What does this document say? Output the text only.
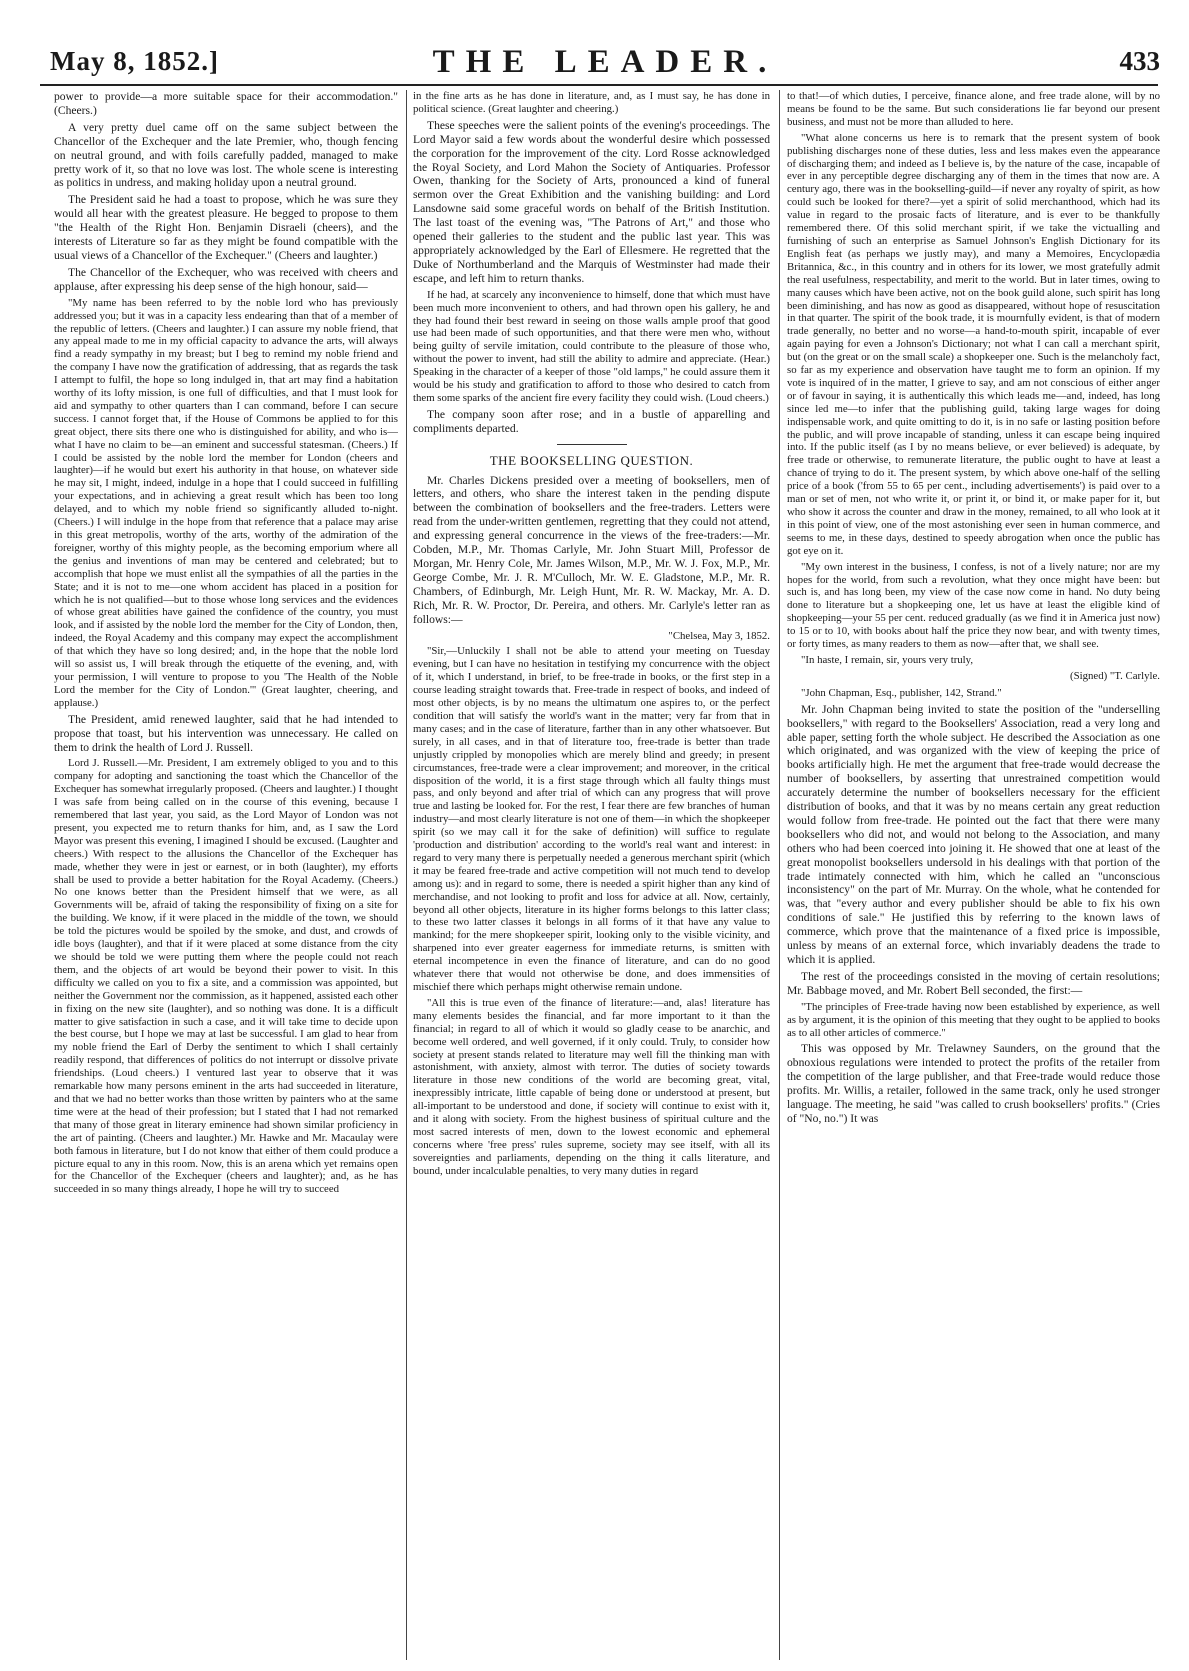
May 8, 1852.]	THE LEADER.	433

power to provide—a more suitable space for their accommodation." (Cheers.)

A very pretty duel came off on the same subject between the Chancellor of the Exchequer and the late Premier, who, though fencing on neutral ground, and with foils carefully padded, managed to make pretty work of it, so that no love was lost. The whole scene is interesting as politics in undress, and making holiday upon a neutral ground.

The President said he had a toast to propose, which he was sure they would all hear with the greatest pleasure. He begged to propose to them "the Health of the Right Hon. Benjamin Disraeli (cheers), and the interests of Literature so far as they might be found compatible with the usual views of a Chancellor of the Exchequer." (Cheers and laughter.)

The Chancellor of the Exchequer, who was received with cheers and applause, after expressing his deep sense of the high honour, said—

"My name has been referred to by the noble lord who has previously addressed you; but it was in a capacity less endearing than that of a member of the republic of letters. (Cheers and laughter.) I can assure my noble friend, that any appeal made to me in my official capacity to advance the arts, will always find a ready sympathy in my breast; but I beg to remind my noble friend and the company I have now the gratification of addressing, that as regards the task I attempt to fulfil, the hope so long indulged in, that art may find a habitation worthy of its lofty mission, is one full of difficulties, and that I must look for aid and sympathy to other quarters than I can command, before I can secure success. I cannot forget that, if the House of Commons be applied to for this great object, there sits there one who is distinguished for ability, and who is—what I have no claim to be—an eminent and successful statesman. (Cheers.) If I could be assisted by the noble lord the member for London (cheers and laughter)—if he would but exert his authority in that house, on whatever side he may sit, I might, indeed, indulge in a hope that I could succeed in fulfilling your expectations, and in achieving a great result which has been too long delayed, and to which my noble friend so significantly alluded to-night. (Cheers.) I will indulge in the hope from that reference that a palace may arise in this great metropolis, worthy of the arts, worthy of the admiration of the foreigner, worthy of this mighty people, as the becoming emporium where all the genius and inventions of man may be centered and celebrated; but to accomplish that hope we must enlist all the sympathies of all the parties in the State; and it is not to me—one whom accident has placed in a position for which he is not qualified—but to those whose long services and the evidences of whose great abilities have gained the confidence of the country, you must look, and if assisted by the noble lord the member for the City of London, then, indeed, the Royal Academy and this company may expect the accomplishment of that which they have so long desired; and, in the hope that the noble lord will so assist us, I will break through the etiquette of the evening, and, with your permission, I will venture to propose to you 'The Health of the Noble Lord the member for the City of London.'" (Great laughter, cheering, and applause.)

The President, amid renewed laughter, said that he had intended to propose that toast, but his intervention was unnecessary. He called on them to drink the health of Lord J. Russell.

Lord J. Russell.—Mr. President, I am extremely obliged to you and to this company for adopting and sanctioning the toast which the Chancellor of the Exchequer has somewhat irregularly proposed. (Cheers and laughter.) I thought I was safe from being called on in the course of this evening, because I remembered that last year, you said, as the Lord Mayor of London was not present, you expected me to return thanks for him, and, as I saw the Lord Mayor was present this evening, I imagined I should be excused. (Laughter and cheers.) With respect to the allusions the Chancellor of the Exchequer has made, whether they were in jest or earnest, or in both (laughter), my efforts shall be used to provide a better habitation for the Royal Academy. (Cheers.) No one knows better than the President himself that we were, as all Governments will be, afraid of taking the responsibility of fixing on a site for the building. We know, if it were placed in the middle of the town, we should be told the pictures would be spoiled by the smoke, and dust, and crowds of idle boys (laughter), and that if it were placed at some distance from the city we should be told we were putting them where the people could not reach them, and the objects of art would be beyond their power to visit. In this difficulty we called on you to fix a site, and a commission was appointed, but neither the Government nor the commission, as it happened, assisted each other in fixing on the new site (laughter), and so nothing was done. It is a difficult matter to give satisfaction in such a case, and it will take time to decide upon the best course, but I hope we may at last be successful. I am glad to hear from my noble friend the Earl of Derby the sentiment to which I shall certainly readily respond, that differences of politics do not interrupt or dissolve private friendships. (Loud cheers.) I ventured last year to observe that it was remarkable how many persons eminent in the arts had succeeded in literature, and that we had no better works than those written by painters who at the same time were at the head of their profession; but I stated that I had not remarked that many of those great in literary eminence had shown similar proficiency in the art of painting. (Cheers and laughter.) Mr. Hawke and Mr. Macaulay were both famous in literature, but I do not know that either of them could produce a picture equal to any in this room. Now, this is an arena which yet remains open for the Chancellor of the Exchequer (cheers and laughter); and, as he has succeeded in so many things already, I hope he will try to succeed

in the fine arts as he has done in literature, and, as I must say, he has done in political science. (Great laughter and cheering.)

These speeches were the salient points of the evening's proceedings. The Lord Mayor said a few words about the wonderful desire which possessed the corporation for the improvement of the city. Lord Rosse acknowledged the Royal Society, and Lord Mahon the Society of Antiquaries. Professor Owen, thanking for the Society of Arts, pronounced a kind of funeral sermon over the Great Exhibition and the vanishing building: and Lord Lansdowne said some graceful words on behalf of the British Institution. The last toast of the evening was, "The Patrons of Art," and those who opened their galleries to the student and the public last year. This was appropriately acknowledged by the Earl of Ellesmere. He regretted that the Duke of Northumberland and the Marquis of Westminster had made their escape, and left him to return thanks.

If he had, at scarcely any inconvenience to himself, done that which must have been much more inconvenient to others, and had thrown open his gallery, he and they had found their best reward in seeing on those walls ample proof that good use had been made of such opportunities, and that there were men who, without being guilty of servile imitation, could contribute to the pleasure of those who, without the power to invent, had still the ability to admire and appreciate. (Hear.) Speaking in the character of a keeper of those "old lamps," he could assure them it would be his study and gratification to afford to those who desired to catch from them some sparks of the ancient fire every facility they could wish. (Loud cheers.)

The company soon after rose; and in a bustle of apparelling and compliments departed.

THE BOOKSELLING QUESTION.

Mr. Charles Dickens presided over a meeting of booksellers, men of letters, and others, who share the interest taken in the pending dispute between the combination of booksellers and the free-traders. Letters were read from the under-written gentlemen, regretting that they could not attend, and expressing general concurrence in the views of the free-traders:—Mr. Cobden, M.P., Mr. Thomas Carlyle, Mr. John Stuart Mill, Professor de Morgan, Mr. Henry Cole, Mr. James Wilson, M.P., Mr. W. J. Fox, M.P., Mr. George Combe, Mr. J. R. M'Culloch, Mr. W. E. Gladstone, M.P., Mr. R. Chambers, of Edinburgh, Mr. Leigh Hunt, Mr. R. W. Mackay, Mr. A. D. Rich, Mr. R. W. Proctor, Dr. Pereira, and others. Mr. Carlyle's letter ran as follows:—

"Chelsea, May 3, 1852.

"Sir,—Unluckily I shall not be able to attend your meeting on Tuesday evening, but I can have no hesitation in testifying my concurrence with the object of it, which I understand, in brief, to be free-trade in books, or the first step in a course leading straight towards that. Free-trade in respect of books, and indeed of most other objects, is by no means the ultimatum one aspires to, or the perfect condition that will satisfy the world's want in the matter; very far from that in many cases; and in the case of literature, farther than in any other whatsoever. But surely, in all cases, and in that of literature too, free-trade is better than trade unjustly crippled by monopolies which are merely blind and greedy; in present circumstances, free-trade were a clear improvement; and moreover, in the critical disposition of the world, it is a first stage through which all faulty things must pass, and only beyond and after trial of which can any progress that will prove true and lasting be looked for. For the rest, I fear there are few branches of human industry—and most clearly literature is not one of them—in which the shopkeeper spirit (so we may call it for the sake of definition) will suffice to regulate 'production and distribution' according to the world's real want and interest: in regard to very many there is perpetually needed a generous merchant spirit (which it may be feared free-trade and active competition will not much tend to develop among us): and in regard to some, there is needed a spirit higher than any kind of merchandise, and not looking to profit and loss for advice at all. Now, certainly, beyond all other objects, literature in its higher forms belongs to this latter class; to these two latter classes it belongs in all forms of it that have any value to mankind; for the mere shopkeeper spirit, looking only to the visible vicinity, and sharpened into ever greater eagerness for immediate returns, is smitten with eternal incompetence in even the finance of literature, and can do no good whatever there that would not otherwise be done, and does immensities of mischief there which perhaps might otherwise remain undone.

"All this is true even of the finance of literature:—and, alas! literature has many elements besides the financial, and far more important to it than the financial; in regard to all of which it would so gladly cease to be anarchic, and become well ordered, and well governed, if it only could. Truly, to consider how society at present stands related to literature may well fill the thinking man with astonishment, with anxiety, almost with terror. The duties of society towards literature in those new conditions of the world are becoming great, vital, inexpressibly intricate, little capable of being done or understood at present, but all-important to be understood and done, if society will continue to exist with it, and it along with society. From the highest business of spiritual culture and the most sacred interests of men, down to the lowest economic and ephemeral concerns where 'free press' rules supreme, society may see itself, with all its sovereignties and parliaments, depending on the thing it calls literature, and bound, under incalculable penalties, to very many duties in regard

to that!—of which duties, I perceive, finance alone, and free trade alone, will by no means be found to be the same. But such considerations lie far beyond our present business, and must not be more than alluded to here.

"What alone concerns us here is to remark that the present system of book publishing discharges none of these duties, less and less makes even the appearance of discharging them; and indeed as I believe is, by the nature of the case, incapable of ever in any perceptible degree discharging any of them in the times that now are. A century ago, there was in the bookselling-guild—if never any royalty of spirit, as how could such be looked for there?—yet a spirit of solid merchanthood, which had its value in regard to the prosaic facts of literature, and is ever to be thankfully remembered there. Of this solid merchant spirit, if we take the victualling and furnishing of such an enterprise as Samuel Johnson's English Dictionary for its English feat (as perhaps we justly may), and many a Memoires, Encyclopædia Britannica, &c., in this country and in others for its lower, we most gratefully admit the real usefulness, respectability, and merit to the world. But in later times, owing to many causes which have been active, not on the book guild alone, such spirit has long been diminishing, and has now as good as disappeared, without hope of resuscitation in that quarter. The spirit of the book trade, it is mournfully evident, is that of modern trade generally, no better and no worse—a hand-to-mouth spirit, incapable of ever again paying for even a Johnson's Dictionary; not what I can call a merchant spirit, but (on the great or on the small scale) a shopkeeper one. Such is the melancholy fact, so far as my experience and observation have taught me to form an opinion. If my vote is inquired of in the matter, I grieve to say, and am not conscious of either anger or of favour in saying, it is authentically this which leads me—and, indeed, has long since led me—to infer that the publishing guild, taking large wages for doing indispensable work, and quite omitting to do it, is in no safe or lasting position before the public, and will prove incapable of standing, unless it can escape being inquired into. If the public itself (as I by no means believe, or ever believed) is adequate, by free trade or otherwise, to remunerate literature, the public ought to have at least a chance of trying to do it. The present system, by which above one-half of the selling price of a book ('from 55 to 65 per cent., including advertisements') is paid over to a man or set of men, not who write it, or print it, or bind it, or make paper for it, but who show it across the counter and draw in the money, remained, to all who look at it in this point of view, one of the most astonishing ever seen in human commerce, and seems to me, in these days, destined to speedy abrogation when once the public has got eye on it.

"My own interest in the business, I confess, is not of a lively nature; nor are my hopes for the world, from such a revolution, what they once might have been: but such is, and has long been, my view of the case now come in hand. No duty being done to literature but a shopkeeping one, let us have at least the eligible kind of shopkeeping—your 55 per cent. reduced gradually (as we find it in America just now) to 15 or to 10, with books about half the price they now bear, and with twenty times, or forty times, as many readers to them as now—after that, we shall see.

"In haste, I remain, sir, yours very truly,

(Signed) "T. Carlyle.

"John Chapman, Esq., publisher, 142, Strand."

Mr. John Chapman being invited to state the position of the "underselling booksellers," with regard to the Booksellers' Association, read a very long and able paper, setting forth the whole subject. He described the Association as one which originated, and was organized with the view of keeping the price of books artificially high. He met the argument that free-trade would decrease the number of booksellers, by asserting that unrestrained competition would accurately determine the number of booksellers necessary for the efficient distribution of books, and that it was by no means certain any great reduction would follow from free-trade. He pointed out the fact that there were many booksellers who did not, and would not belong to the Association, and many others who had been coerced into joining it. He showed that one at least of the great monopolist booksellers undersold in his dealings with that portion of the trade intimately connected with him, which he called an "unconscious inconsistency" on the part of Mr. Murray. On the whole, what he contended for was, that "every author and every publisher should be able to fix his own conditions of sale." He justified this by referring to the known laws of commerce, which prove that the maintenance of a fixed price is impossible, unless by means of an external force, which invariably deadens the trade to which it is applied.

The rest of the proceedings consisted in the moving of certain resolutions; Mr. Babbage moved, and Mr. Robert Bell seconded, the first:—

"The principles of Free-trade having now been established by experience, as well as by argument, it is the opinion of this meeting that they ought to be applied to books as to all other articles of commerce."

This was opposed by Mr. Trelawney Saunders, on the ground that the obnoxious regulations were intended to protect the profits of the retailer from the competition of the large publisher, and that Free-trade would reduce those profits. Mr. Willis, a retailer, followed in the same track, only he used stronger language. The meeting, he said "was called to crush booksellers' profits." (Cries of "No, no.") It was
